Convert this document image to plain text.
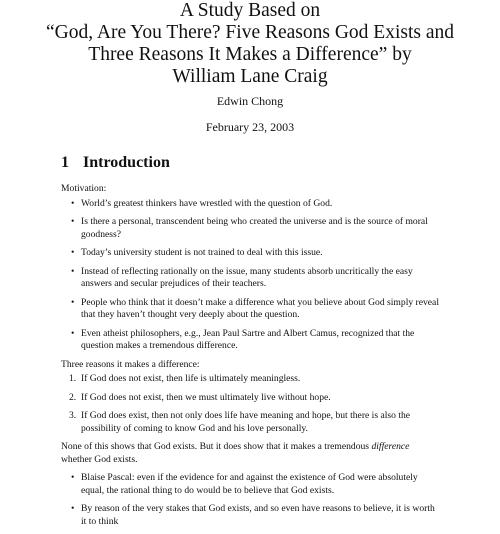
A Study Based on
“God, Are You There? Five Reasons God Exists and
Three Reasons It Makes a Difference” by
William Lane Craig
Edwin Chong
February 23, 2003
1 Introduction

Motivation:

• World’s greatest thinkers have wrestled with the question of God.
• Is there a personal, transcendent being who created the universe and is the source of moral goodness?
• Today’s university student is not trained to deal with this issue.
• Instead of reflecting rationally on the issue, many students absorb uncritically the easy answers and secular prejudices of their teachers.
• People who think that it doesn’t make a difference what you believe about God simply reveal that they haven’t thought very deeply about the question.
• Even atheist philosophers, e.g., Jean Paul Sartre and Albert Camus, recognized that the question makes a tremendous difference.

Three reasons it makes a difference:

1. If God does not exist, then life is ultimately meaningless.
2. If God does not exist, then we must ultimately live without hope.
3. If God does exist, then not only does life have meaning and hope, but there is also the possibility of coming to know God and his love personally.

None of this shows that God exists. But it does show that it makes a tremendous difference whether God exists.

• Blaise Pascal: even if the evidence for and against the existence of God were absolutely equal, the rational thing to do would be to believe that God exists.
• By reason of the very stakes that God exists, and so even have reasons to believe, it is worth it to think
